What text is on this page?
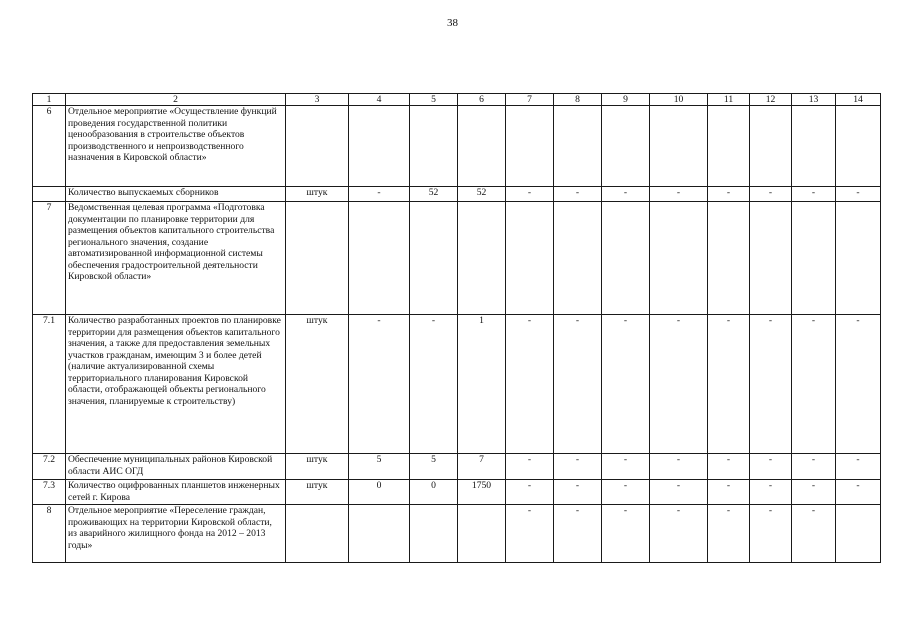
38
1	2	3	4	5	6	7	8	9	10	11	12	13	14
6	Отдельное мероприятие «Осуществление функций проведения государственной политики ценообразования в строительстве объектов производственного и непроизводственного назначения в Кировской области»												
	Количество выпускаемых сборников	штук	-	52	52	-	-	-	-	-	-	-	-
7	Ведомственная целевая программа «Подготовка документации по планировке территории для размещения объектов капитального строительства регионального значения, создание автоматизированной информационной системы обеспечения градостроительной деятельности Кировской области»												
7.1	Количество разработанных проектов по планировке территории для размещения объектов капитального значения, а также для предоставления земельных участков гражданам, имеющим 3 и более детей (наличие актуализированной схемы территориального планирования Кировской области, отображающей объекты регионального значения, планируемые к строительству)	штук	-	-	1	-	-	-	-	-	-	-	-
7.2	Обеспечение муниципальных районов Кировской области АИС ОГД	штук	5	5	7	-	-	-	-	-	-	-	-
7.3	Количество оцифрованных планшетов инженерных сетей г. Кирова	штук	0	0	1750	-	-	-	-	-	-	-	-
8	Отдельное мероприятие «Переселение граждан, проживающих на территории Кировской области, из аварийного жилищного фонда на 2012 – 2013 годы»					-	-	-	-	-	-	-	
